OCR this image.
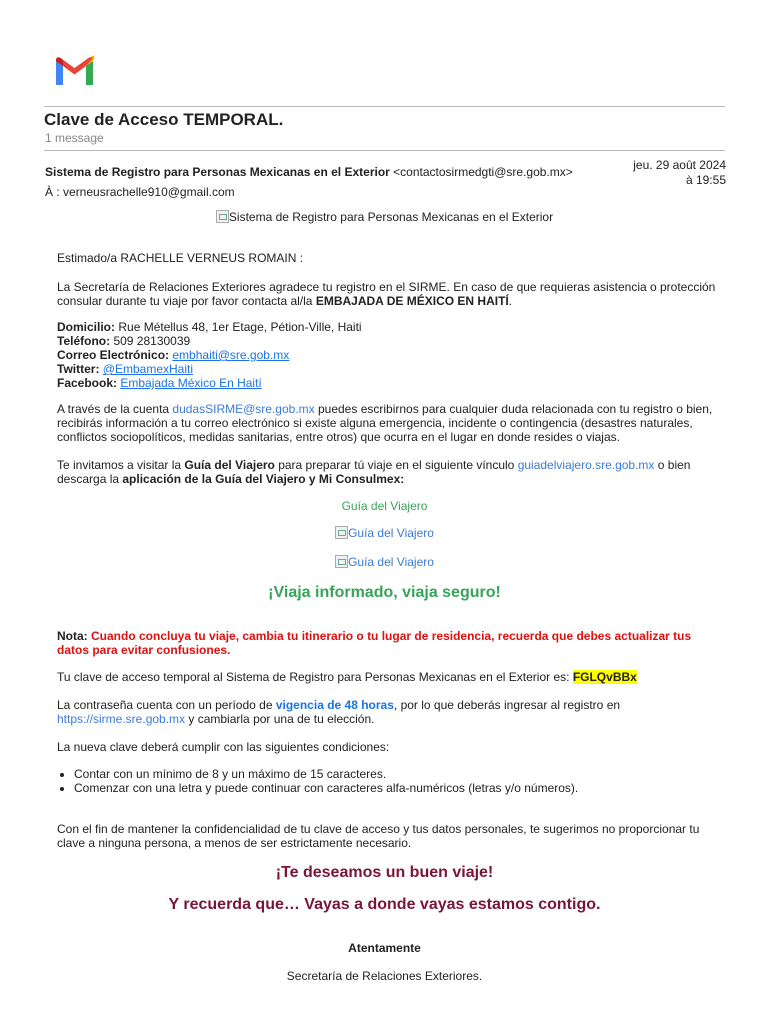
Clave de Acceso TEMPORAL.
1 message
Sistema de Registro para Personas Mexicanas en el Exterior <contactosirmedgti@sre.gob.mx>	jeu. 29 août 2024
à 19:55
À : verneusrachelle910@gmail.com
Sistema de Registro para Personas Mexicanas en el Exterior

Estimado/a RACHELLE VERNEUS ROMAIN :

La Secretaría de Relaciones Exteriores agradece tu registro en el SIRME. En caso de que requieras asistencia o protección consular durante tu viaje por favor contacta al/la EMBAJADA DE MÉXICO EN HAITÍ.

Domicilio: Rue Métellus 48, 1er Etage, Pétion-Ville, Haiti

Teléfono: 509 28130039

Correo Electrónico: embhaiti@sre.gob.mx

Twitter: @EmbamexHaiti

Facebook: Embajada México En Haití

A través de la cuenta dudasSIRME@sre.gob.mx puedes escribirnos para cualquier duda relacionada con tu registro o bien, recibirás información a tu correo electrónico si existe alguna emergencia, incidente o contingencia (desastres naturales, conflictos sociopolíticos, medidas sanitarias, entre otros) que ocurra en el lugar en donde resides o viajas.

Te invitamos a visitar la Guía del Viajero para preparar tú viaje en el siguiente vínculo guiadelviajero.sre.gob.mx o bien descarga la aplicación de la Guía del Viajero y Mi Consulmex:

Guía del Viajero
Guía del Viajero
Guía del Viajero
¡Viaja informado, viaja seguro!

Nota: Cuando concluya tu viaje, cambia tu itinerario o tu lugar de residencia, recuerda que debes actualizar tus datos para evitar confusiones.

Tu clave de acceso temporal al Sistema de Registro para Personas Mexicanas en el Exterior es: FGLQvBBx

La contraseña cuenta con un período de vigencia de 48 horas, por lo que deberás ingresar al registro en https://sirme.sre.gob.mx y cambiarla por una de tu elección.

La nueva clave deberá cumplir con las siguientes condiciones:

• Contar con un mínimo de 8 y un máximo de 15 caracteres.
• Comenzar con una letra y puede continuar con caracteres alfa-numéricos (letras y/o números).

Con el fin de mantener la confidencialidad de tu clave de acceso y tus datos personales, te sugerimos no proporcionar tu clave a ninguna persona, a menos de ser estrictamente necesario.

¡Te deseamos un buen viaje!
Y recuerda que… Vayas a donde vayas estamos contigo.
Atentamente
Secretaría de Relaciones Exteriores.
